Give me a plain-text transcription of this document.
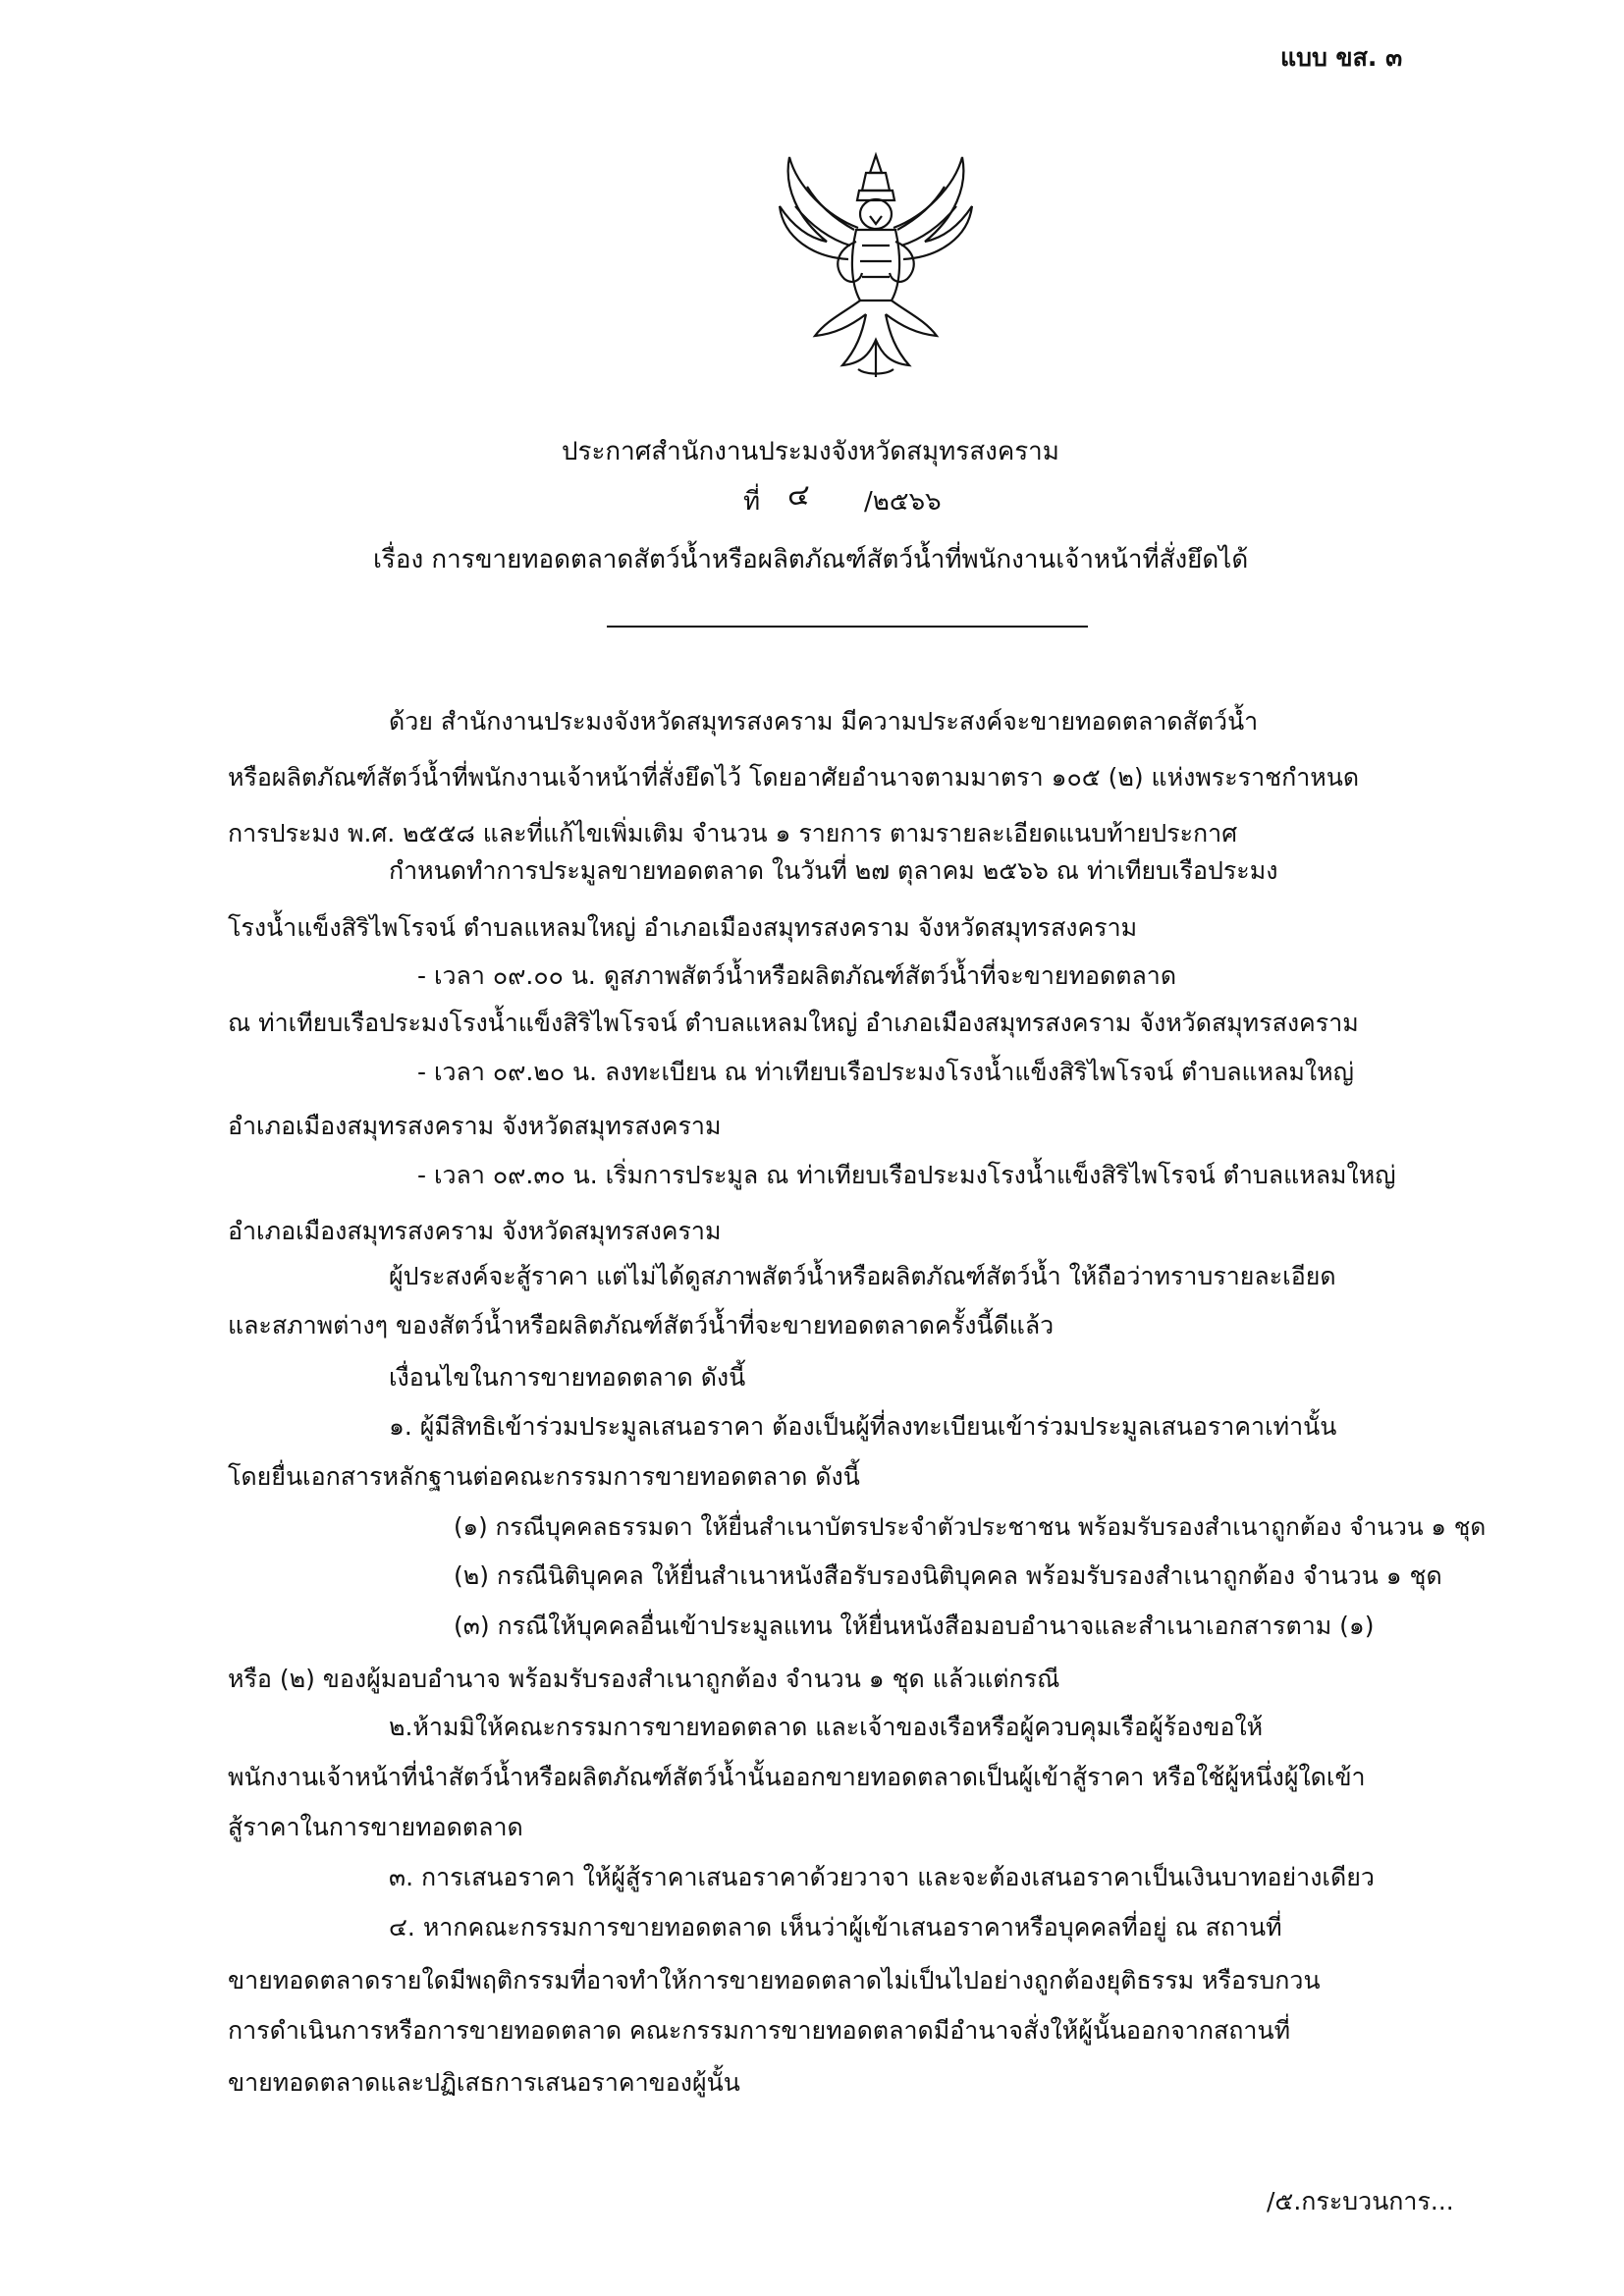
แบบ ขส. ๓
ประกาศสำนักงานประมงจังหวัดสมุทรสงคราม
ที่ ๔ /๒๕๖๖
เรื่อง การขายทอดตลาดสัตว์น้ำหรือผลิตภัณฑ์สัตว์น้ำที่พนักงานเจ้าหน้าที่สั่งยึดได้

ด้วย สำนักงานประมงจังหวัดสมุทรสงคราม มีความประสงค์จะขายทอดตลาดสัตว์น้ำ

หรือผลิตภัณฑ์สัตว์น้ำที่พนักงานเจ้าหน้าที่สั่งยึดไว้ โดยอาศัยอำนาจตามมาตรา ๑๐๕ (๒) แห่งพระราชกำหนด

การประมง พ.ศ. ๒๕๕๘ และที่แก้ไขเพิ่มเติม จำนวน ๑ รายการ ตามรายละเอียดแนบท้ายประกาศ

กำหนดทำการประมูลขายทอดตลาด ในวันที่ ๒๗ ตุลาคม ๒๕๖๖ ณ ท่าเทียบเรือประมง

โรงน้ำแข็งสิริไพโรจน์ ตำบลแหลมใหญ่ อำเภอเมืองสมุทรสงคราม จังหวัดสมุทรสงคราม

- เวลา ๐๙.๐๐ น. ดูสภาพสัตว์น้ำหรือผลิตภัณฑ์สัตว์น้ำที่จะขายทอดตลาด

ณ ท่าเทียบเรือประมงโรงน้ำแข็งสิริไพโรจน์ ตำบลแหลมใหญ่ อำเภอเมืองสมุทรสงคราม จังหวัดสมุทรสงคราม

- เวลา ๐๙.๒๐ น. ลงทะเบียน ณ ท่าเทียบเรือประมงโรงน้ำแข็งสิริไพโรจน์ ตำบลแหลมใหญ่

อำเภอเมืองสมุทรสงคราม จังหวัดสมุทรสงคราม

- เวลา ๐๙.๓๐ น. เริ่มการประมูล ณ ท่าเทียบเรือประมงโรงน้ำแข็งสิริไพโรจน์ ตำบลแหลมใหญ่

อำเภอเมืองสมุทรสงคราม จังหวัดสมุทรสงคราม

ผู้ประสงค์จะสู้ราคา แต่ไม่ได้ดูสภาพสัตว์น้ำหรือผลิตภัณฑ์สัตว์น้ำ ให้ถือว่าทราบรายละเอียด

และสภาพต่างๆ ของสัตว์น้ำหรือผลิตภัณฑ์สัตว์น้ำที่จะขายทอดตลาดครั้งนี้ดีแล้ว

เงื่อนไขในการขายทอดตลาด ดังนี้

๑. ผู้มีสิทธิเข้าร่วมประมูลเสนอราคา ต้องเป็นผู้ที่ลงทะเบียนเข้าร่วมประมูลเสนอราคาเท่านั้น

โดยยื่นเอกสารหลักฐานต่อคณะกรรมการขายทอดตลาด ดังนี้

(๑) กรณีบุคคลธรรมดา ให้ยื่นสำเนาบัตรประจำตัวประชาชน พร้อมรับรองสำเนาถูกต้อง จำนวน ๑ ชุด

(๒) กรณีนิติบุคคล ให้ยื่นสำเนาหนังสือรับรองนิติบุคคล พร้อมรับรองสำเนาถูกต้อง จำนวน ๑ ชุด

(๓) กรณีให้บุคคลอื่นเข้าประมูลแทน ให้ยื่นหนังสือมอบอำนาจและสำเนาเอกสารตาม (๑)

หรือ (๒) ของผู้มอบอำนาจ พร้อมรับรองสำเนาถูกต้อง จำนวน ๑ ชุด แล้วแต่กรณี

๒.ห้ามมิให้คณะกรรมการขายทอดตลาด และเจ้าของเรือหรือผู้ควบคุมเรือผู้ร้องขอให้

พนักงานเจ้าหน้าที่นำสัตว์น้ำหรือผลิตภัณฑ์สัตว์น้ำนั้นออกขายทอดตลาดเป็นผู้เข้าสู้ราคา หรือใช้ผู้หนึ่งผู้ใดเข้า

สู้ราคาในการขายทอดตลาด

๓. การเสนอราคา ให้ผู้สู้ราคาเสนอราคาด้วยวาจา และจะต้องเสนอราคาเป็นเงินบาทอย่างเดียว

๔. หากคณะกรรมการขายทอดตลาด เห็นว่าผู้เข้าเสนอราคาหรือบุคคลที่อยู่ ณ สถานที่

ขายทอดตลาดรายใดมีพฤติกรรมที่อาจทำให้การขายทอดตลาดไม่เป็นไปอย่างถูกต้องยุติธรรม หรือรบกวน

การดำเนินการหรือการขายทอดตลาด คณะกรรมการขายทอดตลาดมีอำนาจสั่งให้ผู้นั้นออกจากสถานที่

ขายทอดตลาดและปฏิเสธการเสนอราคาของผู้นั้น

/๕.กระบวนการ...
